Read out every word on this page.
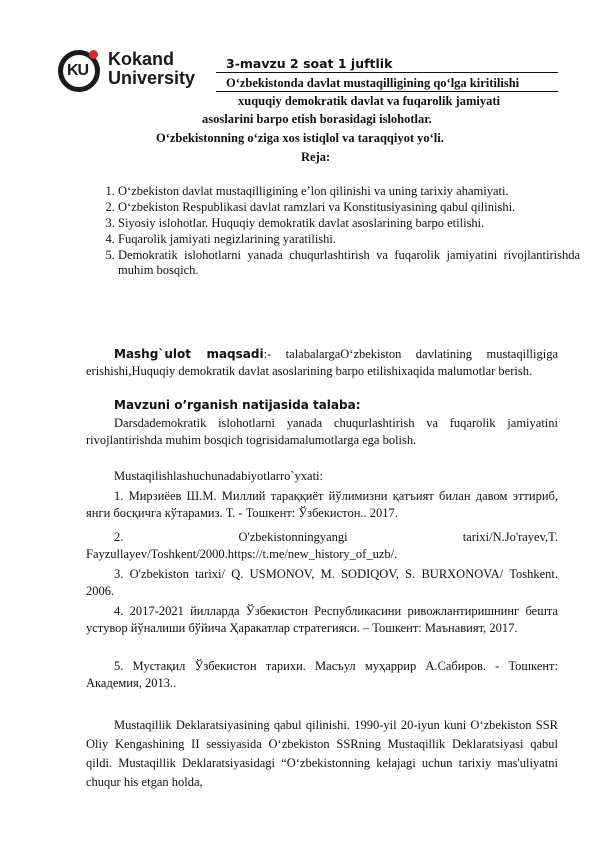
KU
Kokand
University
3-mavzu 2 soat 1 juftlik
O‘zbekistonda davlat mustaqilligining qo‘lga kiritilishi
xuquqiy demokratik davlat va fuqarolik jamiyati
asoslarini barpo etish borasidagi islohotlar.
O‘zbekistonning o‘ziga xos istiqlol va taraqqiyot yo‘li.
Reja:
1. O‘zbekiston davlat mustaqilligining e’lon qilinishi va uning tarixiy ahamiyati.
2. O‘zbekiston Respublikasi davlat ramzlari va Konstitusiyasining qabul qilinishi.
3. Siyosiy islohotlar. Huquqiy demokratik davlat asoslarining barpo etilishi.
4. Fuqarolik jamiyati negizlarining yaratilishi.
5. Demokratik islohotlarni yanada chuqurlashtirish va fuqarolik jamiyatini rivojlantirishda muhim bosqich.
Mashg`ulot maqsadi:- talabalargaO‘zbekiston davlatining mustaqilligiga erishishi,Huquqiy demokratik davlat asoslarining barpo etilishixaqida malumotlar berish.
Mavzuni o’rganish natijasida talaba:
Darsdademokratik islohotlarni yanada chuqurlashtirish va fuqarolik jamiyatini rivojlantirishda muhim bosqich togrisidamalumotlarga ega bolish.
Mustaqilishlashuchunadabiyotlarro`yxati:
1. Мирзиёев Ш.М. Миллий тараққиёт йўлимизни қатъият билан давом эттириб, янги босқичга кўтарамиз. Т. - Тошкент: Ўзбекистон.. 2017.
2. O'zbekistonningyangi tarixi/N.Jo'rayev,T. Fayzullayev/Toshkent/2000.https://t.me/new_history_of_uzb/.
3. O'zbekiston tarixi/ Q. USMONOV, M. SODIQOV, S. BURXONOVA/ Toshkent. 2006.
4. 2017-2021 йилларда Ўзбекистон Республикасини ривожлантиришнинг бешта устувор йўналиши бўйича Ҳаракатлар стратегияси. – Тошкент: Маънавият, 2017.
5. Мустақил Ўзбекистон тарихи. Масъул муҳаррир А.Сабиров. - Тошкент: Академия, 2013..
Mustaqillik Deklaratsiyasining qabul qilinishi. 1990-yil 20-iyun kuni O‘zbekiston SSR Oliy Kengashining II sessiyasida O‘zbekiston SSRning Mustaqillik Deklaratsiyasi qabul qildi. Mustaqillik Deklaratsiyasidagi “O‘zbekistonning kelajagi uchun tarixiy mas'uliyatni chuqur his etgan holda,
